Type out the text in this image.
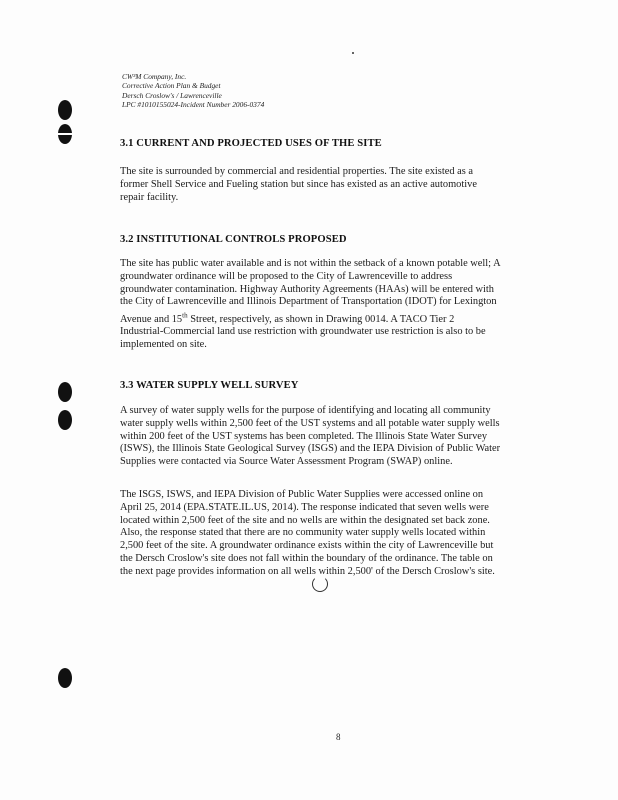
CW³M Company, Inc.
Corrective Action Plan & Budget
Dersch Croslow's / Lawrenceville
LPC #1010155024-Incident Number 2006-0374
3.1 CURRENT AND PROJECTED USES OF THE SITE
The site is surrounded by commercial and residential properties. The site existed as a
former Shell Service and Fueling station but since has existed as an active automotive
repair facility.
3.2 INSTITUTIONAL CONTROLS PROPOSED
The site has public water available and is not within the setback of a known potable well; A
groundwater ordinance will be proposed to the City of Lawrenceville to address
groundwater contamination. Highway Authority Agreements (HAAs) will be entered with
the City of Lawrenceville and Illinois Department of Transportation (IDOT) for Lexington
Avenue and 15th Street, respectively, as shown in Drawing 0014. A TACO Tier 2
Industrial-Commercial land use restriction with groundwater use restriction is also to be
implemented on site.
3.3 WATER SUPPLY WELL SURVEY
A survey of water supply wells for the purpose of identifying and locating all community
water supply wells within 2,500 feet of the UST systems and all potable water supply wells
within 200 feet of the UST systems has been completed. The Illinois State Water Survey
(ISWS), the Illinois State Geological Survey (ISGS) and the IEPA Division of Public Water
Supplies were contacted via Source Water Assessment Program (SWAP) online.
The ISGS, ISWS, and IEPA Division of Public Water Supplies were accessed online on
April 25, 2014 (EPA.STATE.IL.US, 2014). The response indicated that seven wells were
located within 2,500 feet of the site and no wells are within the designated set back zone.
Also, the response stated that there are no community water supply wells located within
2,500 feet of the site. A groundwater ordinance exists within the city of Lawrenceville but
the Dersch Croslow's site does not fall within the boundary of the ordinance. The table on
the next page provides information on all wells within 2,500' of the Dersch Croslow's site.
8
